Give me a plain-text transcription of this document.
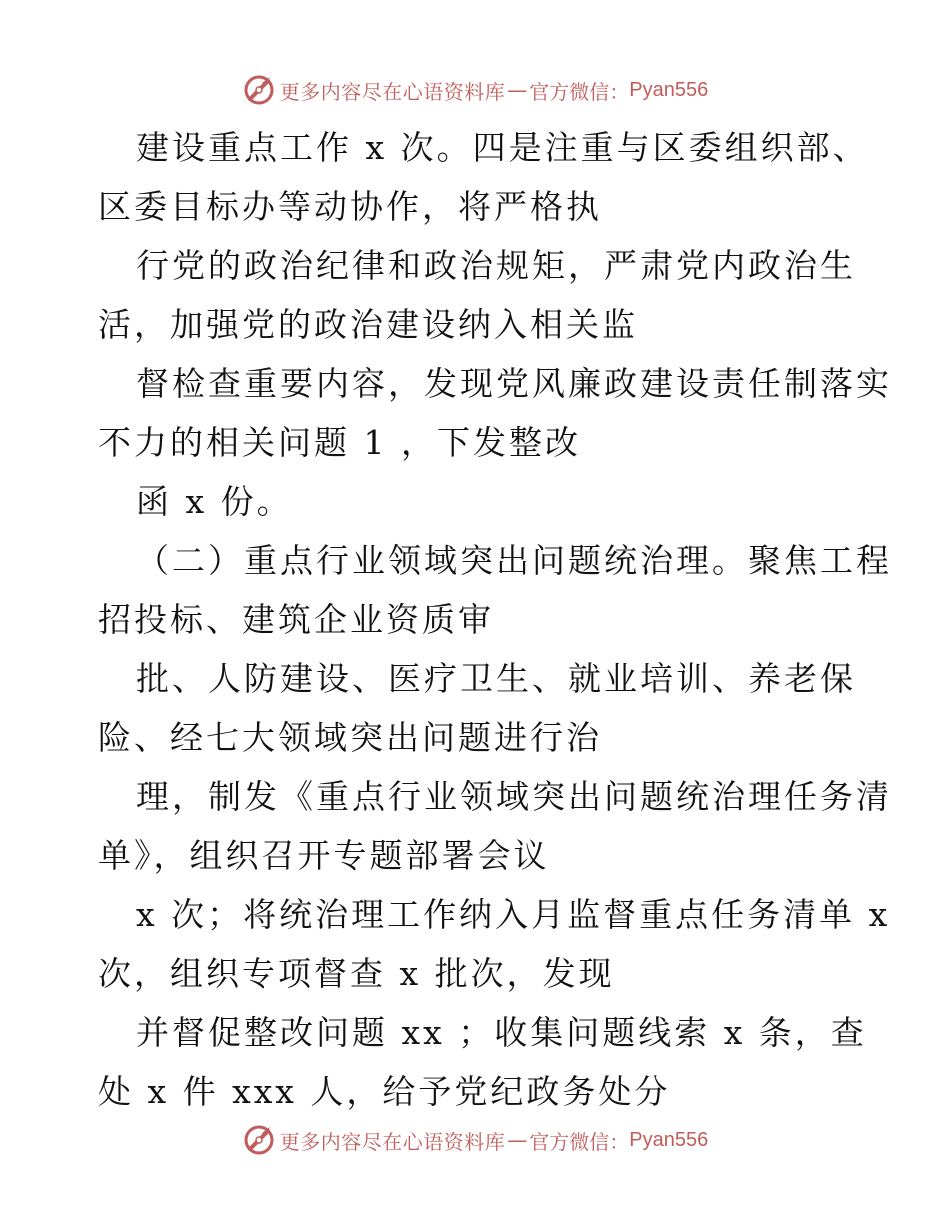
更多内容尽在心语资料库 — 官方微信： Pyan556
建设重点工作 x 次。四是注重与区委组织部、
区委目标办等动协作，将严格执
行党的政治纪律和政治规矩，严肃党内政治生
活，加强党的政治建设纳入相关监
督检查重要内容，发现党风廉政建设责任制落实
不力的相关问题 1 ，下发整改
函 x 份。
（二）重点行业领域突出问题统治理。聚焦工程
招投标、建筑企业资质审
批、人防建设、医疗卫生、就业培训、养老保
险、经七大领域突出问题进行治
理，制发《重点行业领域突出问题统治理任务清
单》，组织召开专题部署会议
x 次；将统治理工作纳入月监督重点任务清单 x
次，组织专项督查 x 批次，发现
并督促整改问题 xx ；收集问题线索 x 条，查
处 x 件 xxx 人，给予党纪政务处分
更多内容尽在心语资料库 — 官方微信： Pyan556
